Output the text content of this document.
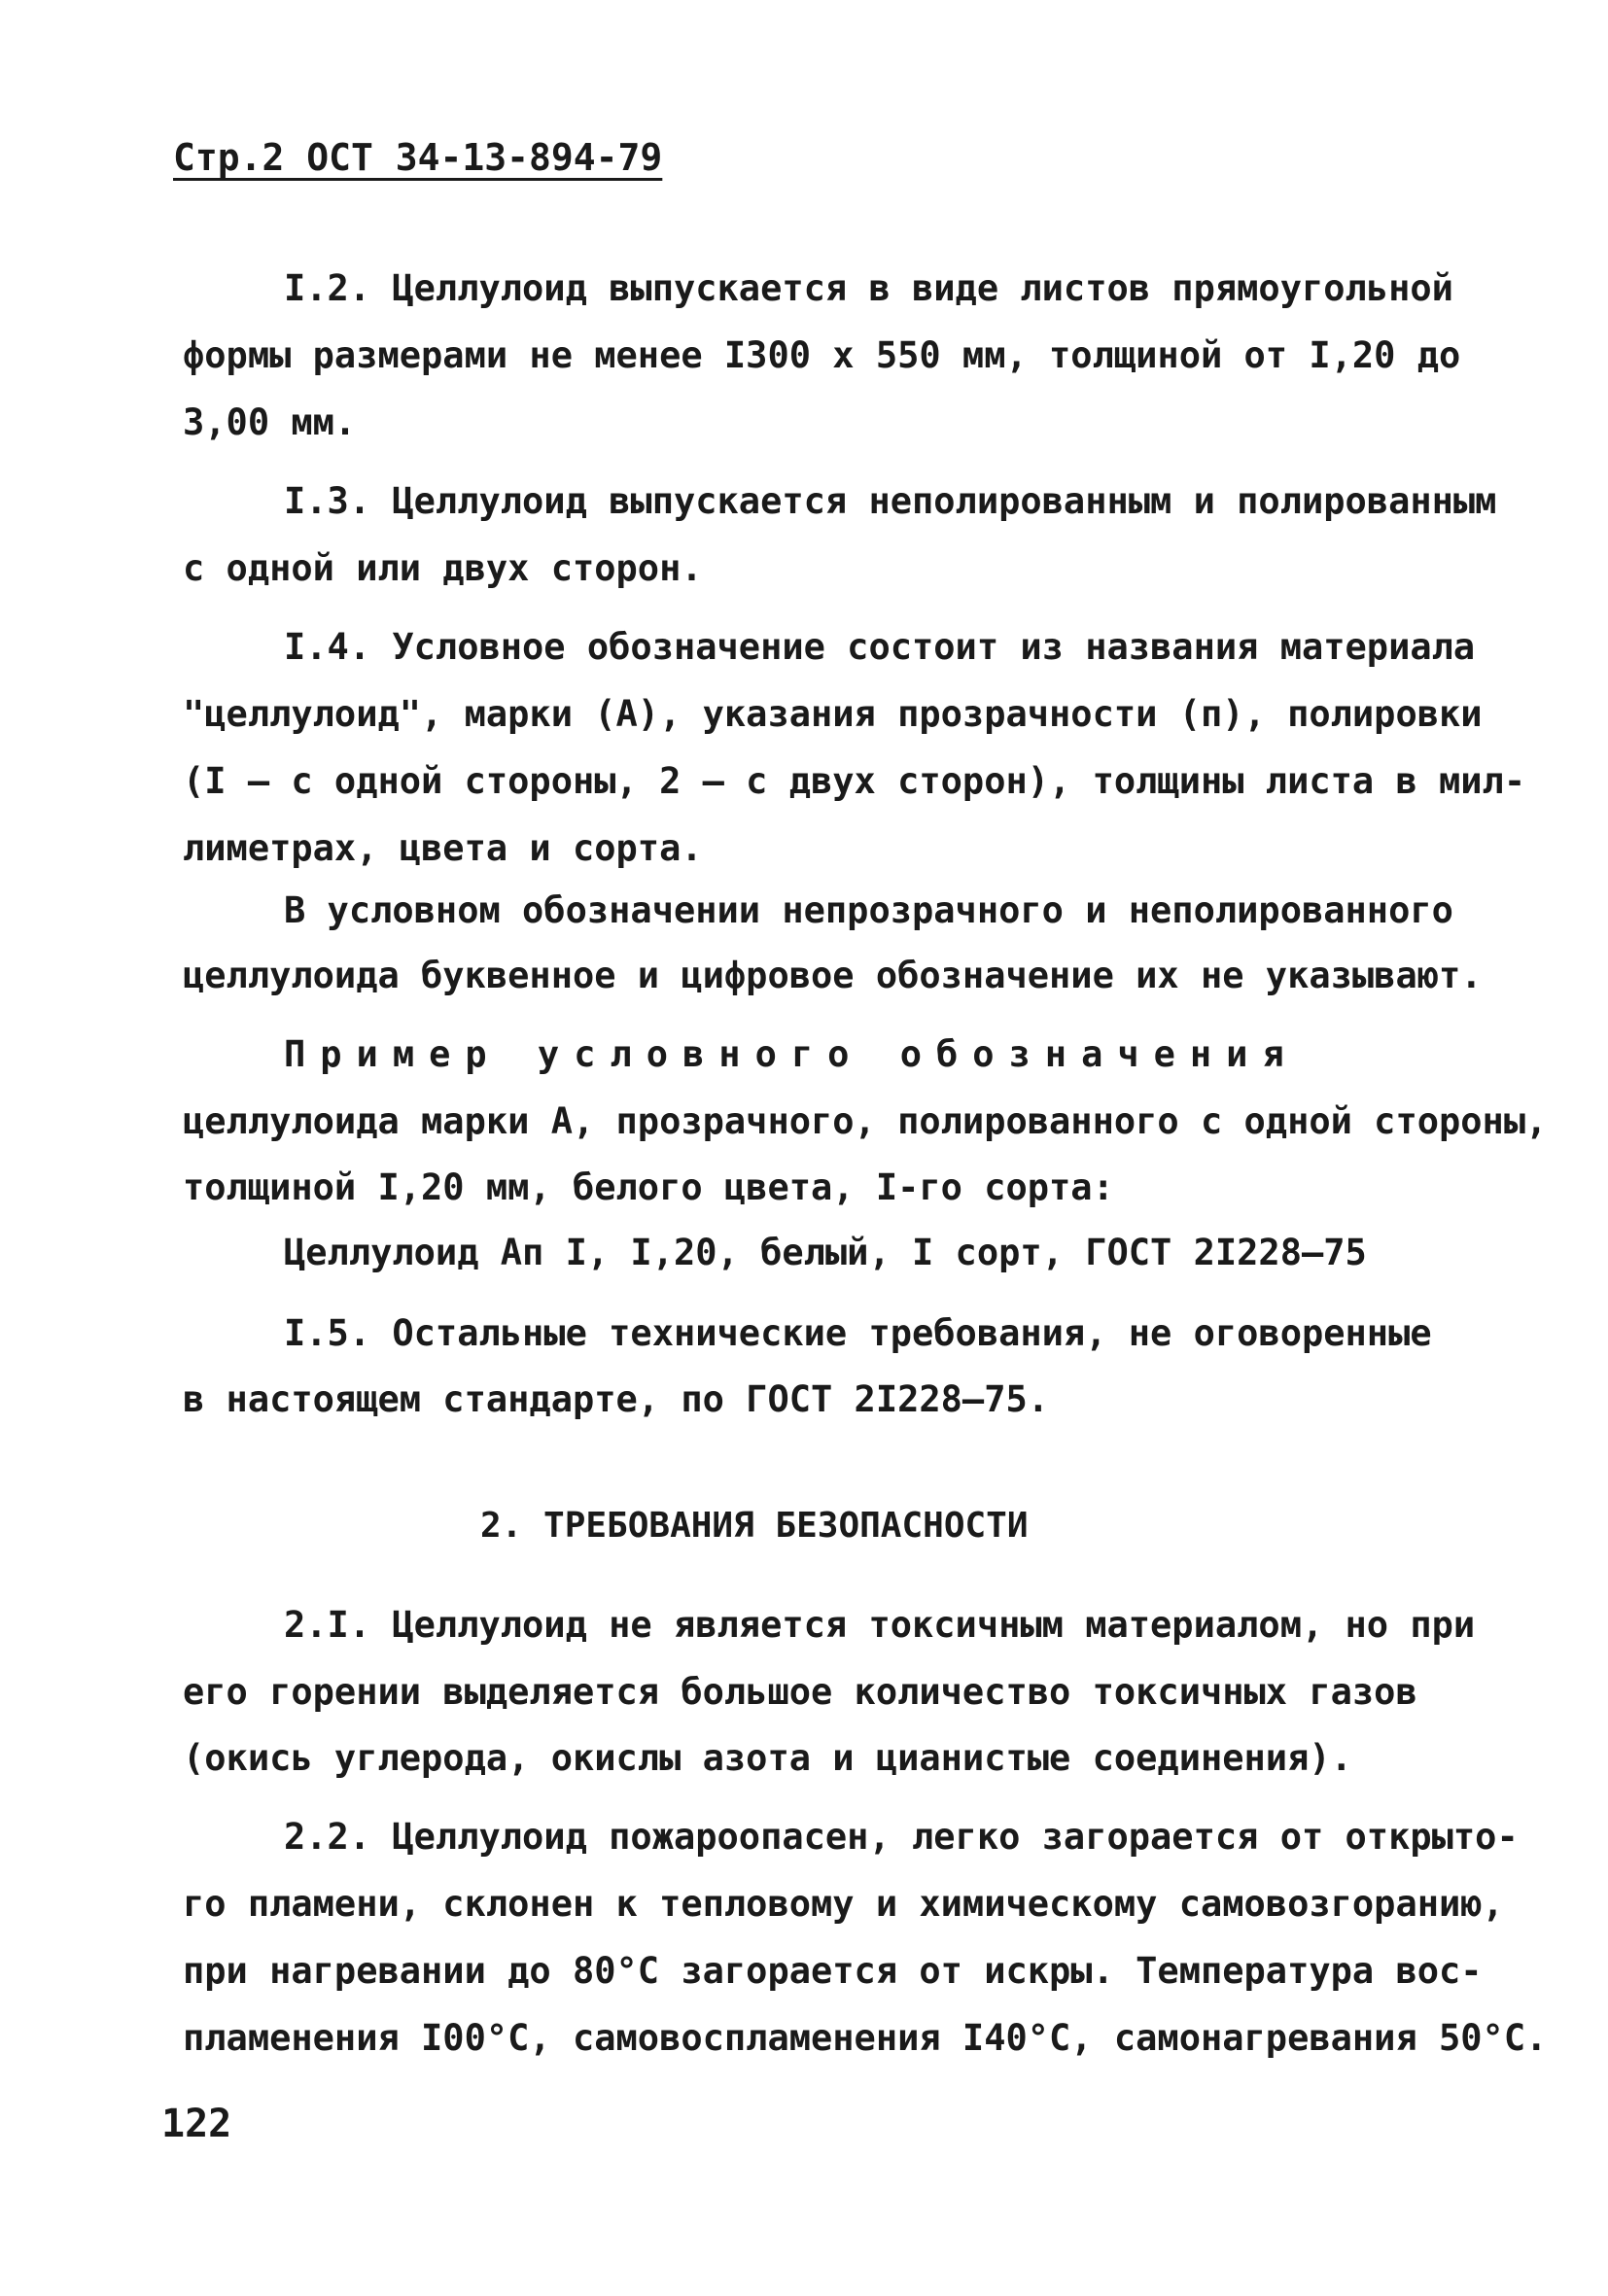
Стр.2 ОСТ 34-13-894-79
I.2. Целлулоид выпускается в виде листов прямоугольной
формы размерами не менее I300 х 550 мм, толщиной от I,20 до
3,00 мм.
I.3. Целлулоид выпускается неполированным и полированным
с одной или двух сторон.
I.4. Условное обозначение состоит из названия материала
"целлулоид", марки (А), указания прозрачности (п), полировки
(I – с одной стороны, 2 – с двух сторон), толщины листа в мил-
лиметрах, цвета и сорта.
В условном обозначении непрозрачного и неполированного
целлулоида буквенное и цифровое обозначение их не указывают.
Пример условного обозначения
целлулоида марки А, прозрачного, полированного с одной стороны,
толщиной I,20 мм, белого цвета, I-го сорта:
Целлулоид Ап I, I,20, белый, I сорт, ГОСТ 2I228–75
I.5. Остальные технические требования, не оговоренные
в настоящем стандарте, по ГОСТ 2I228–75.
2. ТРЕБОВАНИЯ БЕЗОПАСНОСТИ
2.I. Целлулоид не является токсичным материалом, но при
его горении выделяется большое количество токсичных газов
(окись углерода, окислы азота и цианистые соединения).
2.2. Целлулоид пожароопасен, легко загорается от открыто-
го пламени, склонен к тепловому и химическому самовозгоранию,
при нагревании до 80°С загорается от искры. Температура вос-
пламенения I00°С, самовоспламенения I40°С, самонагревания 50°С.
122
